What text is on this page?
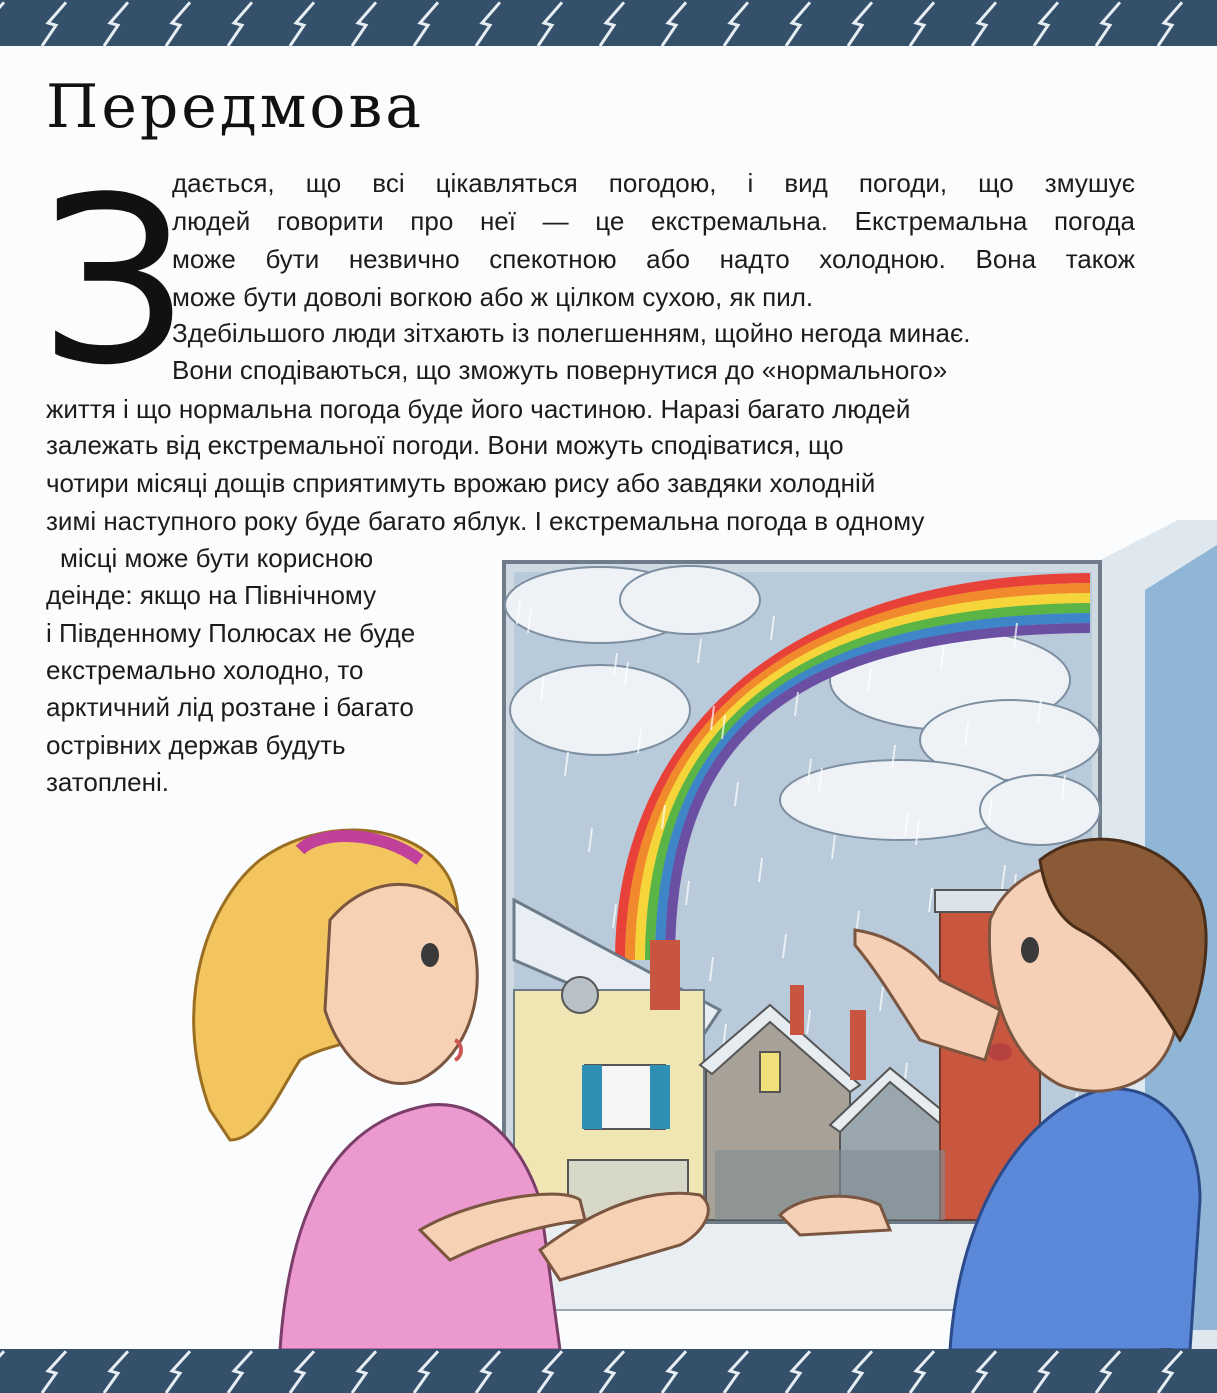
Передмова
З

дається, що всі цікавляться погодою, і вид погоди, що змушує

людей говорити про неї — це екстремальна. Екстремальна погода

може бути незвично спекотною або надто холодною. Вона також

може бути доволі вогкою або ж цілком сухою, як пил.

Здебільшого люди зітхають із полегшенням, щойно негода минає.

Вони сподіваються, що зможуть повернутися до «нормального»

життя і що нормальна погода буде його частиною. Наразі багато людей

залежать від екстремальної погоди. Вони можуть сподіватися, що

чотири місяці дощів сприятимуть врожаю рису або завдяки холодній

зимі наступного року буде багато яблук. І екстремальна погода в одному

місці може бути корисною

деінде: якщо на Північному

і Південному Полюсах не буде

екстремально холодно, то

арктичний лід розтане і багато

острівних держав будуть

затоплені.
